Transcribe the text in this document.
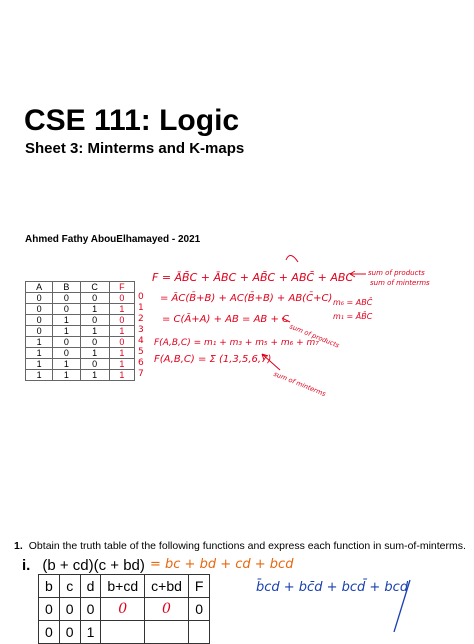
CSE 111: Logic
Sheet 3: Minterms and K-maps
Ahmed Fathy AbouElhamayed - 2021
A	B	C	F
0	0	0	0
0	0	1	1
0	1	0	0
0	1	1	1
1	0	0	0
1	0	1	1
1	1	0	1
1	1	1	1
0
1
2
3
4
5
6
7
F = ĀB̄C + ĀBC + AB̄C + ABC̄ + ABC
= ĀC(B̄+B) + AC(B̄+B) + AB(C̄+C)
= C(Ā+A) + AB = AB + C
F(A,B,C) = m₁ + m₃ + m₅ + m₆ + m₇
F(A,B,C) = Σ (1,3,5,6,7)
sum of products
sum of minterms
m₆ = ABC̄
m₁ = ĀB̄C
sum of products
sum of minterms
1. Obtain the truth table of the following functions and express each function in sum-of-minterms.
i. (b + cd)(c + bd) = bc + bd + cd + bcd
b̄cd + bc̄d + bcd̄ + bcd
b	c	d	b+cd	c+bd	F
0	0	0	0	0	0
0	0	1			
